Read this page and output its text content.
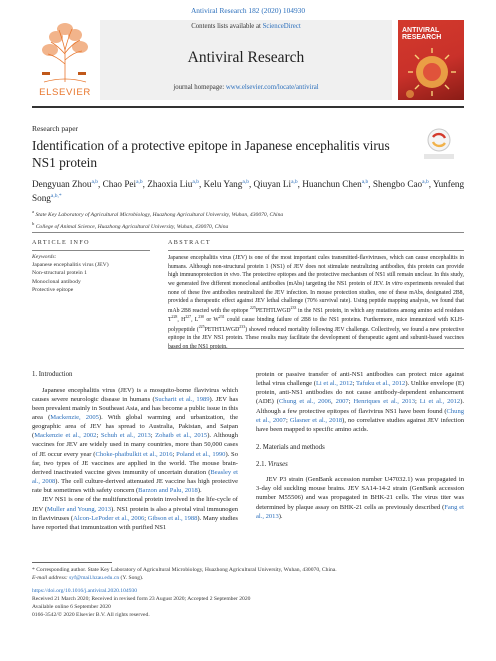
Antiviral Research 182 (2020) 104930
ELSEVIER
Contents lists available at ScienceDirect
Antiviral Research
journal homepage: www.elsevier.com/locate/antiviral
ANTIVIRAL RESEARCH
Research paper
Identification of a protective epitope in Japanese encephalitis virus NS1 protein
Dengyuan Zhou$^{a,b}$, Chao Pei$^{a,b}$, Zhaoxia Liu$^{a,b}$, Kelu Yang$^{a,b}$, Qiuyan Li$^{a,b}$, Huanchun Chen$^{a,b}$, Shengbo Cao$^{a,b}$, Yunfeng Song$^{a,b,*}$
$^a$ State Key Laboratory of Agricultural Microbiology, Huazhong Agricultural University, Wuhan, 430070, China
$^b$ College of Animal Science, Huazhong Agricultural University, Wuhan, 430070, China
ARTICLE INFO
Keywords:
Japanese encephalitis virus (JEV)
Non-structural protein 1
Monoclonal antibody
Protective epitope
ABSTRACT
Japanese encephalitis virus (JEV) is one of the most important cules transmitted-flaviviruses, which can cause encephalitis in humans. Although non-structural protein 1 (NS1) of JEV does not stimulate neutralizing antibodies, this protein can provide high immunoprotection in vivo. The protective epitopes and the protective mechanism of NS1 still remain unclear. In this study, we generated five different monoclonal antibodies (mAbs) targeting the NS1 protein of JEV. In vitro experiments revealed that none of these five antibodies neutralized the JEV infection. In mouse protection studies, one of these mAbs, designated 2B8, provided a therapeutic effect against JEV lethal challenge (70% survival rate). Using peptide mapping analysis, we found that mAb 2B8 reacted with the epitope $^{225}$PETHTLWGD$^{233}$ in the NS1 protein, in which any mutations among amino acid residues $T^{228}$, $H^{227}$, $L^{230}$ or $W^{231}$ could cause binding failure of 2B8 to the NS1 proteins. Furthermore, mice immunized with KLH-polypeptide ($^{225}$PETHTLWGD$^{233}$) showed reduced mortality following JEV challenge. Collectively, we found a new protective epitope in the JEV NS1 protein. These results may facilitate the development of therapeutic agent and subunit-based vaccines based on the NS1 protein.
1. Introduction

Japanese encephalitis virus (JEV) is a mosquito-borne flavivirus which causes severe neurologic disease in humans (Sucharit et al., 1989). JEV has been prevalent mainly in Southeast Asia, and has become a public issue in this area (Mackenzie, 2005). With global warming and urbanization, the geographic area of JEV has spread to Australia, Pakistan, and Saipan (Mackenzie et al., 2002; Schuh et al., 2013; Zohaib et al., 2015). Although vaccines for JEV are widely used in many countries, more than 50,000 cases of JE occur every year (Choke-phaibulkit et al., 2016; Poland et al., 1990). So far, two types of JE vaccines are applied in the world. The mouse brain-derived inactivated vaccine gives immunity of uncertain duration (Beasley et al., 2008). The cell culture-derived attenuated JE vaccine has high protective rate but sometimes with safety concern (Barzon and Palu, 2018).

JEV NS1 is one of the multifunctional protein involved in the life-cycle of JEV (Muller and Young, 2013). NS1 protein is also a pivotal viral immunogen in flaviviruses (Alcon-LePoder et al., 2006; Gibson et al., 1988). Many studies have reported that immunization with purified NS1

protein or passive transfer of anti-NS1 antibodies can protect mice against lethal virus challenge (Li et al., 2012; Tafuku et al., 2012). Unlike envelope (E) protein, anti-NS1 antibodies do not cause antibody-dependent enhancement (ADE) (Chung et al., 2006, 2007; Henriques et al., 2013; Li et al., 2012). Although a few protective epitopes of flavivirus NS1 have been found (Chung et al., 2007; Glasner et al., 2018), no correlative studies against JEV infection have been mapped to specific amino acids.

2. Materials and methods
2.1. Viruses

JEV P3 strain (GenBank accession number U47032.1) was propagated in 3-day old suckling mouse brains. JEV SA14-14-2 strain (GenBank accession number M55506) and was propagated in BHK-21 cells. The virus titer was determined by plaque assay on BHK-21 cells as previously described (Fang et al., 2013).

* Corresponding author. State Key Laboratory of Agricultural Microbiology, Huazhong Agricultural University, Wuhan, 430070, China.
E-mail address: syf@mail.hzau.edu.cn (Y. Song).
https://doi.org/10.1016/j.antiviral.2020.104930
Received 21 March 2020; Received in revised form 23 August 2020; Accepted 2 September 2020
Available online 6 September 2020
0166-3542/© 2020 Elsevier B.V. All rights reserved.
